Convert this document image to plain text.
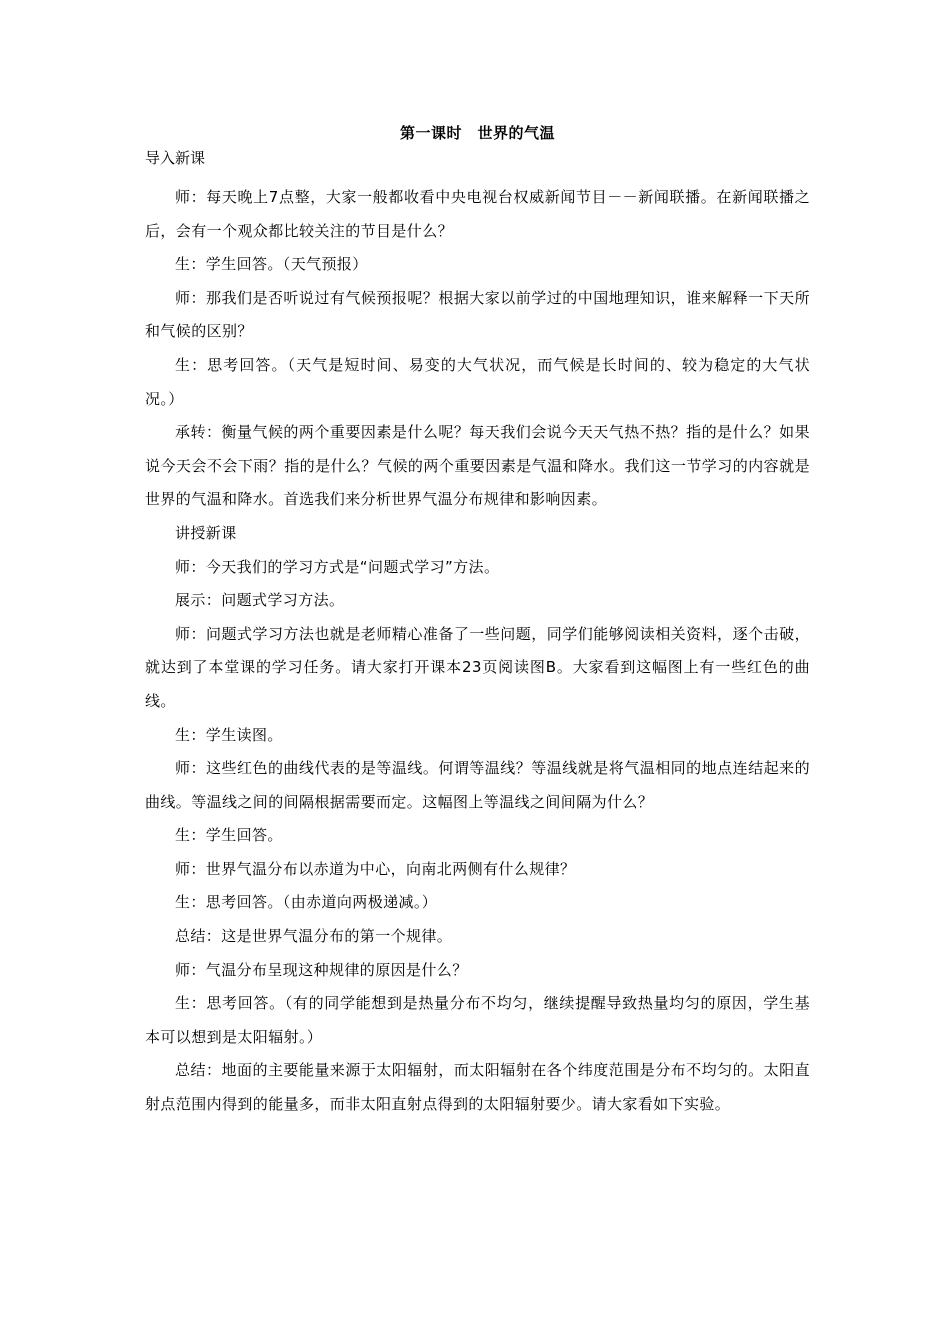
第一课时　世界的气温
导入新课

师：每天晚上7点整，大家一般都收看中央电视台权威新闻节目－－新闻联播。在新闻联播之后，会有一个观众都比较关注的节目是什么？

生：学生回答。（天气预报）

师：那我们是否听说过有气候预报呢？根据大家以前学过的中国地理知识，谁来解释一下天所和气候的区别？

生：思考回答。（天气是短时间、易变的大气状况，而气候是长时间的、较为稳定的大气状况。）

承转：衡量气候的两个重要因素是什么呢？每天我们会说今天天气热不热？指的是什么？如果说今天会不会下雨？指的是什么？气候的两个重要因素是气温和降水。我们这一节学习的内容就是世界的气温和降水。首选我们来分析世界气温分布规律和影响因素。

讲授新课

师：今天我们的学习方式是“问题式学习”方法。

展示：问题式学习方法。

师：问题式学习方法也就是老师精心准备了一些问题，同学们能够阅读相关资料，逐个击破，就达到了本堂课的学习任务。请大家打开课本23页阅读图B。大家看到这幅图上有一些红色的曲线。

生：学生读图。

师：这些红色的曲线代表的是等温线。何谓等温线？等温线就是将气温相同的地点连结起来的曲线。等温线之间的间隔根据需要而定。这幅图上等温线之间间隔为什么？

生：学生回答。

师：世界气温分布以赤道为中心，向南北两侧有什么规律？

生：思考回答。（由赤道向两极递减。）

总结：这是世界气温分布的第一个规律。

师：气温分布呈现这种规律的原因是什么？

生：思考回答。（有的同学能想到是热量分布不均匀，继续提醒导致热量均匀的原因，学生基本可以想到是太阳辐射。）

总结：地面的主要能量来源于太阳辐射，而太阳辐射在各个纬度范围是分布不均匀的。太阳直射点范围内得到的能量多，而非太阳直射点得到的太阳辐射要少。请大家看如下实验。
